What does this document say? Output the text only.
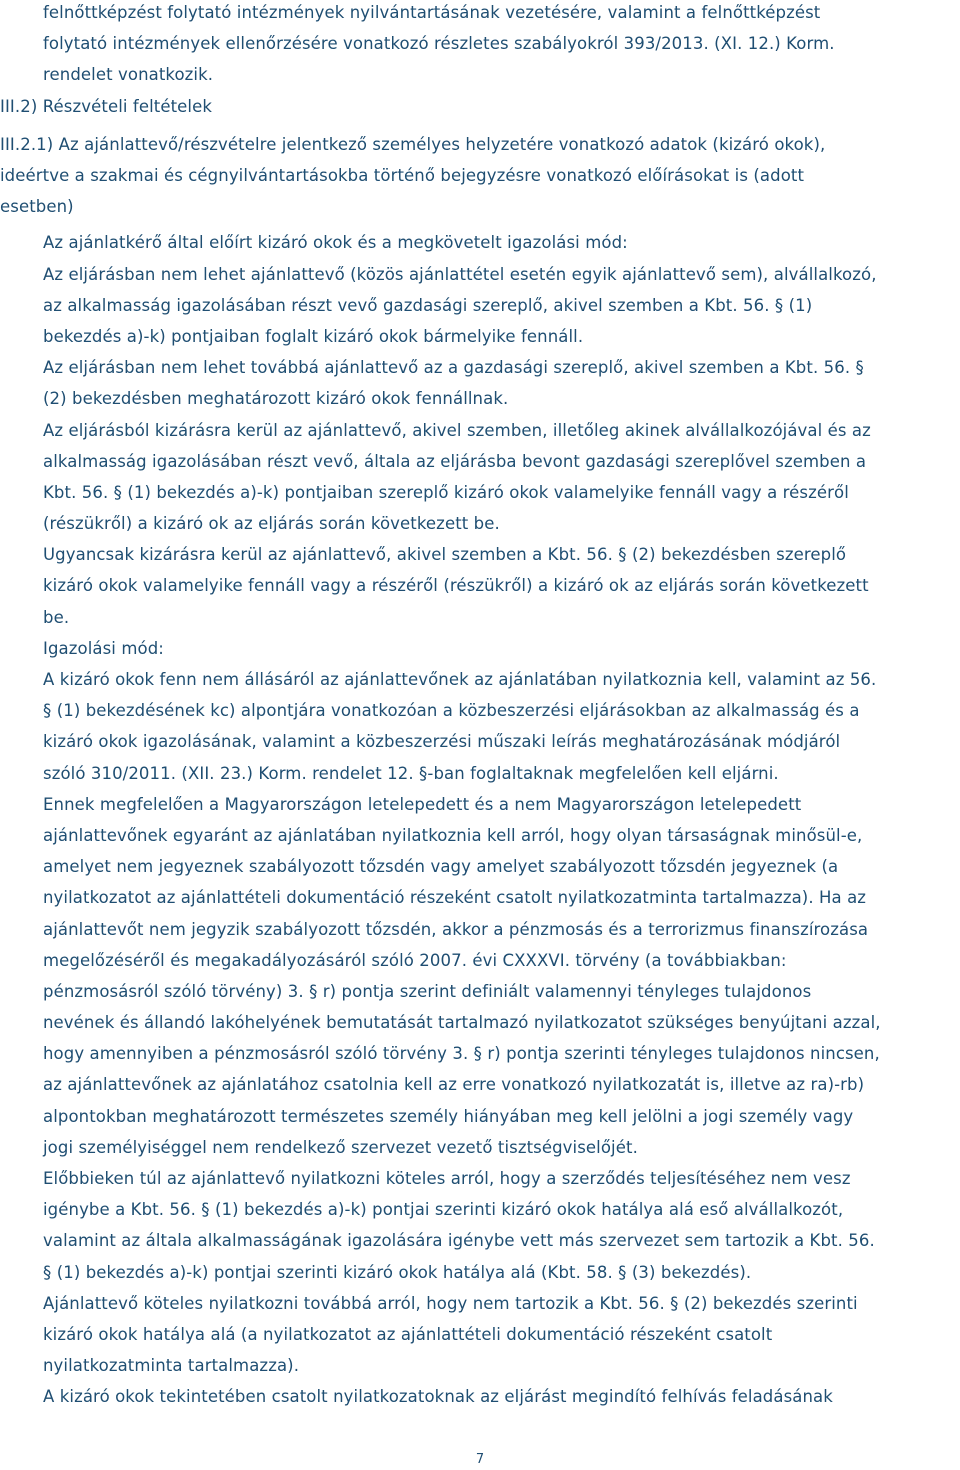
felnőttképzést folytató intézmények nyilvántartásának vezetésére, valamint a felnőttképzést
folytató intézmények ellenőrzésére vonatkozó részletes szabályokról 393/2013. (XI. 12.) Korm.
rendelet vonatkozik.
III.2) Részvételi feltételek
III.2.1) Az ajánlattevő/részvételre jelentkező személyes helyzetére vonatkozó adatok (kizáró okok),
ideértve a szakmai és cégnyilvántartásokba történő bejegyzésre vonatkozó előírásokat is (adott
esetben)
Az ajánlatkérő által előírt kizáró okok és a megkövetelt igazolási mód:
Az eljárásban nem lehet ajánlattevő (közös ajánlattétel esetén egyik ajánlattevő sem), alvállalkozó,
az alkalmasság igazolásában részt vevő gazdasági szereplő, akivel szemben a Kbt. 56. § (1)
bekezdés a)-k) pontjaiban foglalt kizáró okok bármelyike fennáll.
Az eljárásban nem lehet továbbá ajánlattevő az a gazdasági szereplő, akivel szemben a Kbt. 56. §
(2) bekezdésben meghatározott kizáró okok fennállnak.
Az eljárásból kizárásra kerül az ajánlattevő, akivel szemben, illetőleg akinek alvállalkozójával és az
alkalmasság igazolásában részt vevő, általa az eljárásba bevont gazdasági szereplővel szemben a
Kbt. 56. § (1) bekezdés a)-k) pontjaiban szereplő kizáró okok valamelyike fennáll vagy a részéről
(részükről) a kizáró ok az eljárás során következett be.
Ugyancsak kizárásra kerül az ajánlattevő, akivel szemben a Kbt. 56. § (2) bekezdésben szereplő
kizáró okok valamelyike fennáll vagy a részéről (részükről) a kizáró ok az eljárás során következett
be.
Igazolási mód:
A kizáró okok fenn nem állásáról az ajánlattevőnek az ajánlatában nyilatkoznia kell, valamint az 56.
§ (1) bekezdésének kc) alpontjára vonatkozóan a közbeszerzési eljárásokban az alkalmasság és a
kizáró okok igazolásának, valamint a közbeszerzési műszaki leírás meghatározásának módjáról
szóló 310/2011. (XII. 23.) Korm. rendelet 12. §-ban foglaltaknak megfelelően kell eljárni.
Ennek megfelelően a Magyarországon letelepedett és a nem Magyarországon letelepedett
ajánlattevőnek egyaránt az ajánlatában nyilatkoznia kell arról, hogy olyan társaságnak minősül-e,
amelyet nem jegyeznek szabályozott tőzsdén vagy amelyet szabályozott tőzsdén jegyeznek (a
nyilatkozatot az ajánlattételi dokumentáció részeként csatolt nyilatkozatminta tartalmazza). Ha az
ajánlattevőt nem jegyzik szabályozott tőzsdén, akkor a pénzmosás és a terrorizmus finanszírozása
megelőzéséről és megakadályozásáról szóló 2007. évi CXXXVI. törvény (a továbbiakban:
pénzmosásról szóló törvény) 3. § r) pontja szerint definiált valamennyi tényleges tulajdonos
nevének és állandó lakóhelyének bemutatását tartalmazó nyilatkozatot szükséges benyújtani azzal,
hogy amennyiben a pénzmosásról szóló törvény 3. § r) pontja szerinti tényleges tulajdonos nincsen,
az ajánlattevőnek az ajánlatához csatolnia kell az erre vonatkozó nyilatkozatát is, illetve az ra)-rb)
alpontokban meghatározott természetes személy hiányában meg kell jelölni a jogi személy vagy
jogi személyiséggel nem rendelkező szervezet vezető tisztségviselőjét.
Előbbieken túl az ajánlattevő nyilatkozni köteles arról, hogy a szerződés teljesítéséhez nem vesz
igénybe a Kbt. 56. § (1) bekezdés a)-k) pontjai szerinti kizáró okok hatálya alá eső alvállalkozót,
valamint az általa alkalmasságának igazolására igénybe vett más szervezet sem tartozik a Kbt. 56.
§ (1) bekezdés a)-k) pontjai szerinti kizáró okok hatálya alá (Kbt. 58. § (3) bekezdés).
Ajánlattevő köteles nyilatkozni továbbá arról, hogy nem tartozik a Kbt. 56. § (2) bekezdés szerinti
kizáró okok hatálya alá (a nyilatkozatot az ajánlattételi dokumentáció részeként csatolt
nyilatkozatminta tartalmazza).
A kizáró okok tekintetében csatolt nyilatkozatoknak az eljárást megindító felhívás feladásának
7
